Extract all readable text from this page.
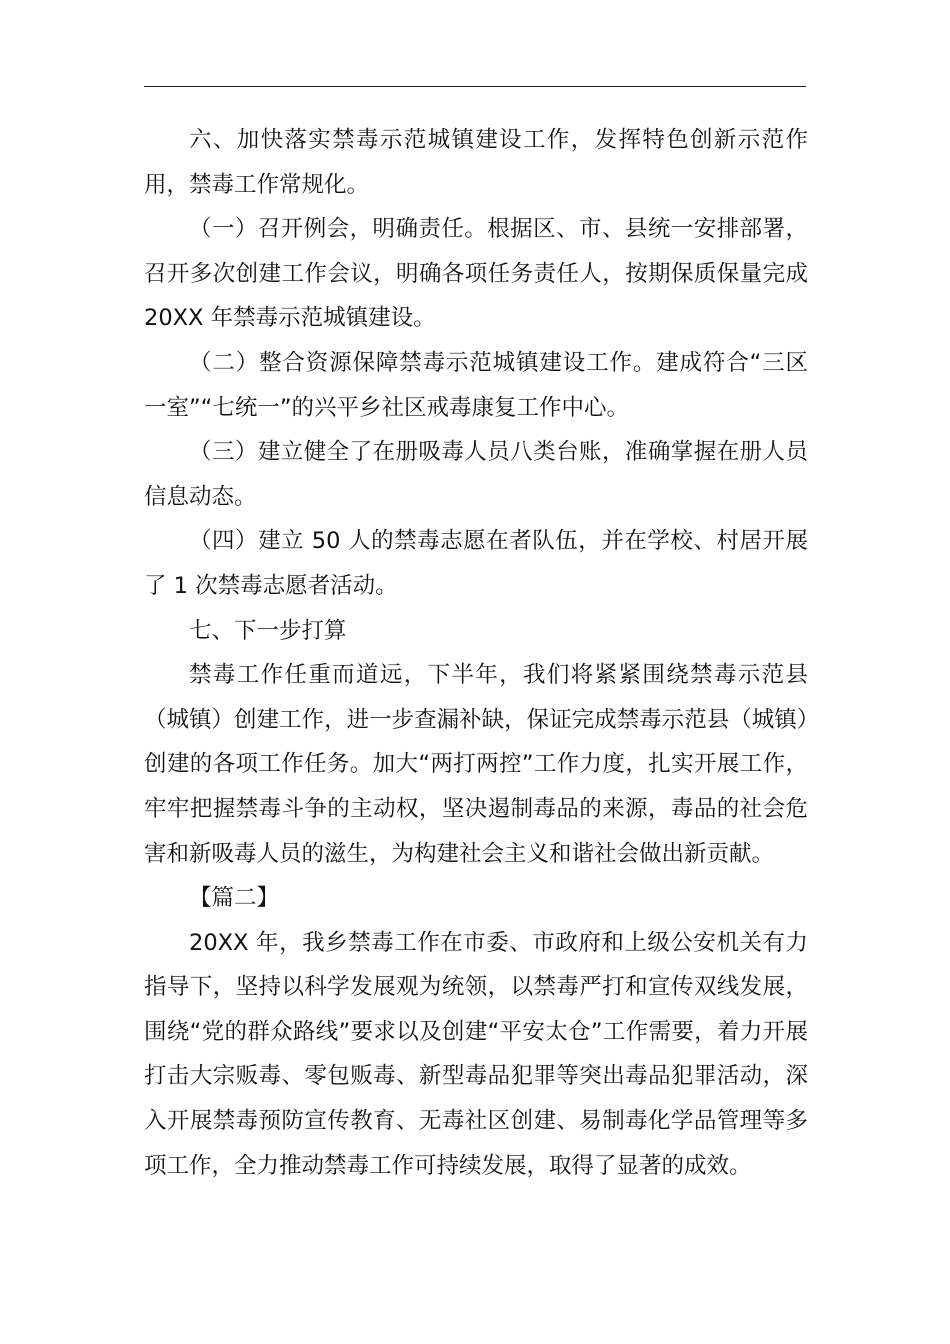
六、加快落实禁毒示范城镇建设工作，发挥特色创新示范作用，禁毒工作常规化。

（一）召开例会，明确责任。根据区、市、县统一安排部署，召开多次创建工作会议，明确各项任务责任人，按期保质保量完成 20XX 年禁毒示范城镇建设。

（二）整合资源保障禁毒示范城镇建设工作。建成符合“三区一室”“七统一”的兴平乡社区戒毒康复工作中心。

（三）建立健全了在册吸毒人员八类台账，准确掌握在册人员信息动态。

（四）建立 50 人的禁毒志愿在者队伍，并在学校、村居开展了 1 次禁毒志愿者活动。

七、下一步打算

禁毒工作任重而道远，下半年，我们将紧紧围绕禁毒示范县（城镇）创建工作，进一步查漏补缺，保证完成禁毒示范县（城镇）创建的各项工作任务。加大“两打两控”工作力度，扎实开展工作，牢牢把握禁毒斗争的主动权，坚决遏制毒品的来源，毒品的社会危害和新吸毒人员的滋生，为构建社会主义和谐社会做出新贡献。

【篇二】

20XX 年，我乡禁毒工作在市委、市政府和上级公安机关有力指导下，坚持以科学发展观为统领，以禁毒严打和宣传双线发展，围绕“党的群众路线”要求以及创建“平安太仓”工作需要，着力开展打击大宗贩毒、零包贩毒、新型毒品犯罪等突出毒品犯罪活动，深入开展禁毒预防宣传教育、无毒社区创建、易制毒化学品管理等多项工作，全力推动禁毒工作可持续发展，取得了显著的成效。
